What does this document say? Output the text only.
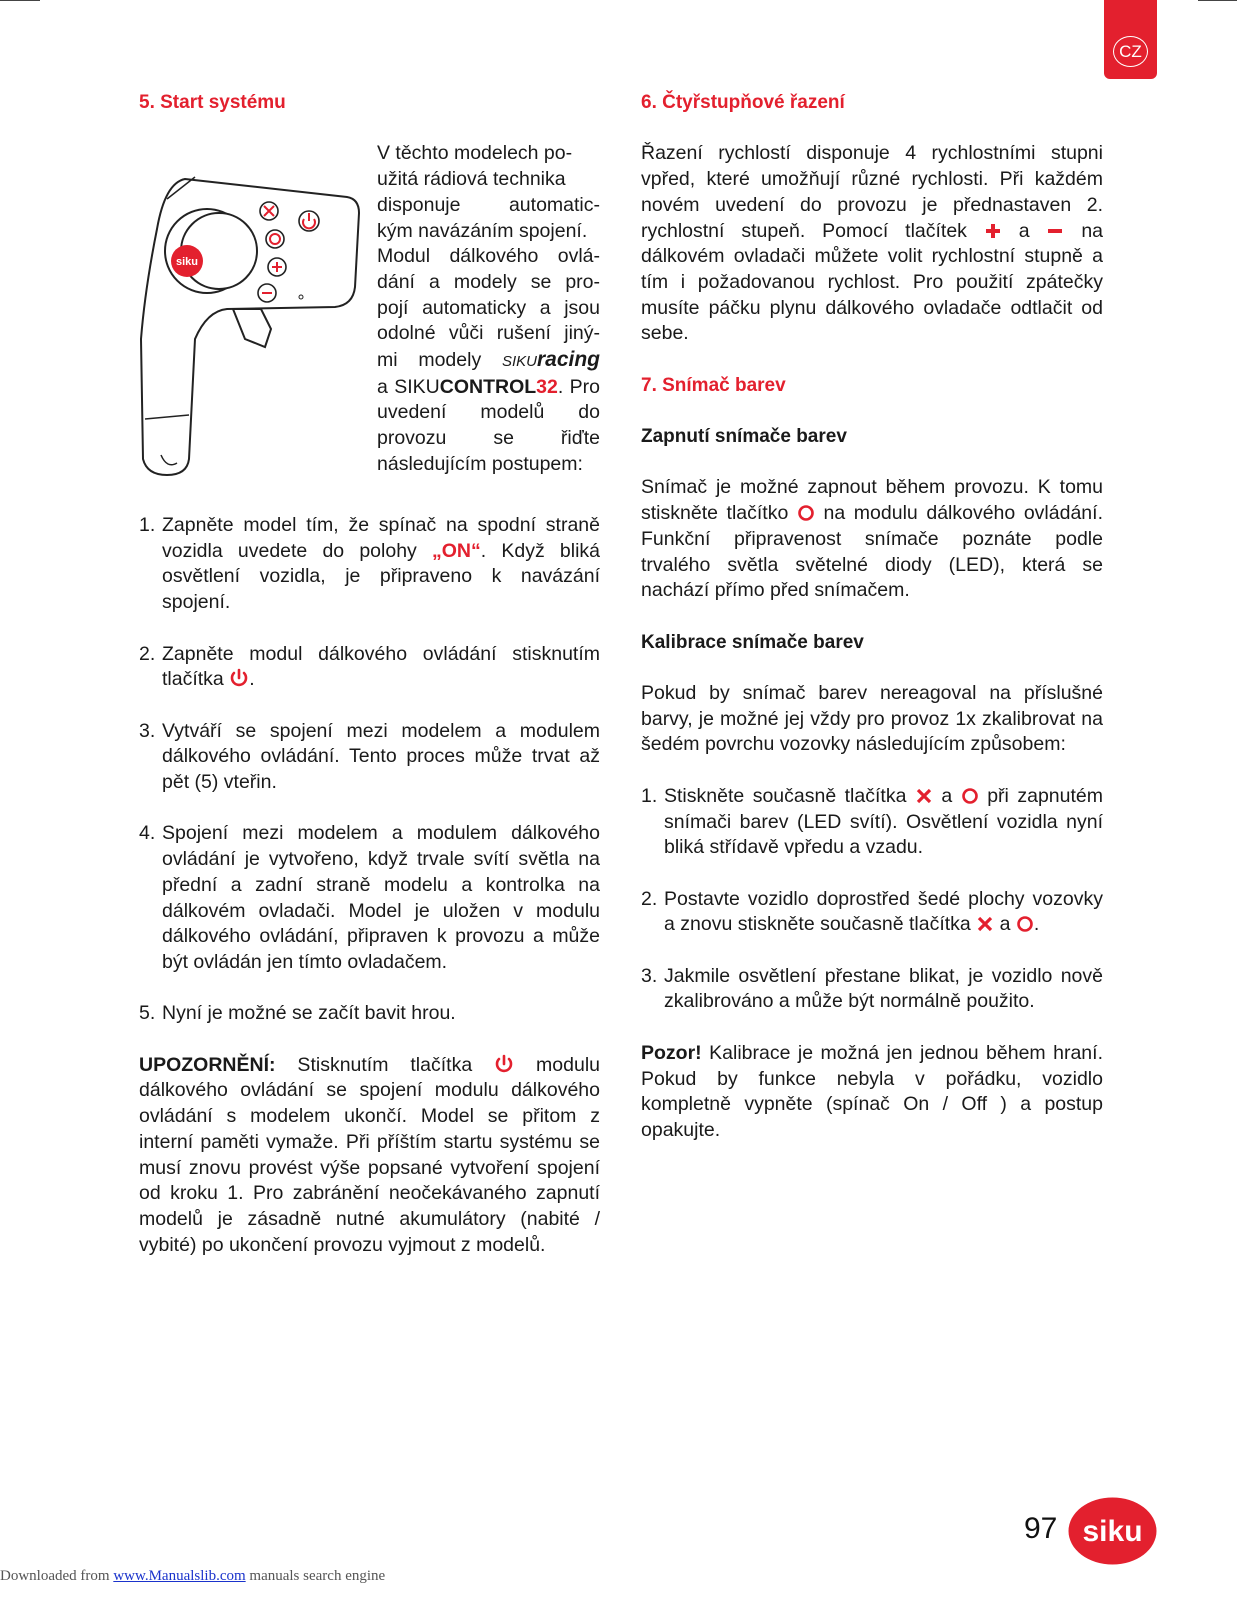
CZ
5. Start systému
siku
V těchto modelech po-
užitá rádiová technika
disponuje automatic-
kým navázáním spojení.
Modul dálkového ovlá-
dání a modely se pro-
pojí automaticky a jsou
odolné vůči rušení jiný-
mi modely SIKUracing
a SIKUCONTROL32. Pro uvedení modelů do provozu se řiďte následujícím postupem:
1. Zapněte model tím, že spínač na spodní straně vozidla uvedete do polohy „ON“. Když bliká osvětlení vozidla, je připraveno k navázání spojení.
2. Zapněte modul dálkového ovládání stisknutím tlačítka .
3. Vytváří se spojení mezi modelem a modulem dálkového ovládání. Tento proces může trvat až pět (5) vteřin.
4. Spojení mezi modelem a modulem dálkového ovládání je vytvořeno, když trvale svítí světla na přední a zadní straně modelu a kontrolka na dálkovém ovladači. Model je uložen v modulu dálkového ovládání, připraven k provozu a může být ovládán jen tímto ovladačem.
5. Nyní je možné se začít bavit hrou.

UPOZORNĚNÍ: Stisknutím tlačítka  modulu dálkového ovládání se spojení modulu dálkového ovládání s modelem ukončí. Model se přitom z interní paměti vymaže. Při příštím startu systému se musí znovu provést výše popsané vytvoření spojení od kroku 1. Pro zabránění neočekávaného zapnutí modelů je zásadně nutné akumulátory (nabité / vybité) po ukončení provozu vyjmout z modelů.

6. Čtyřstupňové řazení

Řazení rychlostí disponuje 4 rychlostními stupni vpřed, které umožňují různé rychlosti. Při každém novém uvedení do provozu je přednastaven 2. rychlostní stupeň. Pomocí tlačítek  a  na dálkovém ovladači můžete volit rychlostní stupně a tím i požadovanou rychlost. Pro použití zpátečky musíte páčku plynu dálkového ovladače odtlačit od sebe.

7. Snímač barev
Zapnutí snímače barev

Snímač je možné zapnout během provozu. K tomu stiskněte tlačítko  na modulu dálkového ovládání. Funkční připravenost snímače poznáte podle trvalého světla světelné diody (LED), která se nachází přímo před snímačem.

Kalibrace snímače barev

Pokud by snímač barev nereagoval na příslušné barvy, je možné jej vždy pro provoz 1x zkalibrovat na šedém povrchu vozovky následujícím způsobem:

1. Stiskněte současně tlačítka  a  při zapnutém snímači barev (LED svítí). Osvětlení vozidla nyní bliká střídavě vpředu a vzadu.
2. Postavte vozidlo doprostřed šedé plochy vozovky a znovu stiskněte současně tlačítka  a .
3. Jakmile osvětlení přestane blikat, je vozidlo nově zkalibrováno a může být normálně použito.

Pozor! Kalibrace je možná jen jednou během hraní. Pokud by funkce nebyla v pořádku, vozidlo kompletně vypněte (spínač On / Off ) a postup opakujte.

97 siku
Downloaded from www.Manualslib.com manuals search engine
